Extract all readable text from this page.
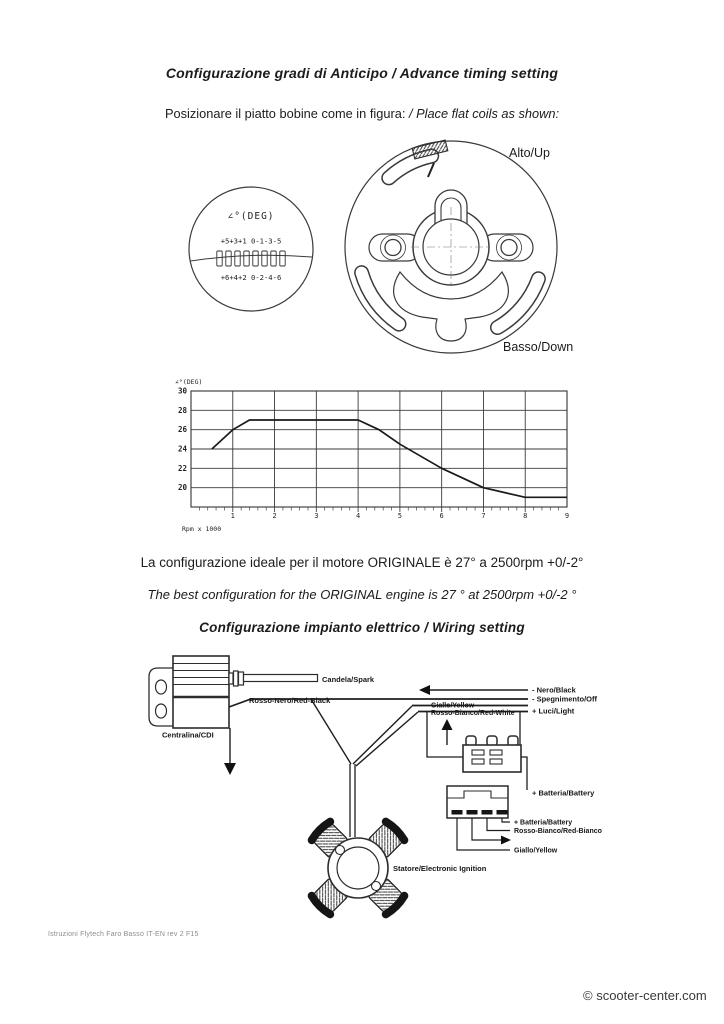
Configurazione gradi di Anticipo / Advance timing setting
Posizionare il piatto bobine come in figura: / Place flat coils as shown:
∠°(DEG)
+5+3+1 0-1-3-5
+6+4+2 0-2-4-6
Alto/Up
Basso/Down
Centralina/CDI
Candela/Spark
Rosso-Nero/Red-Black
- Nero/Black
- Spegnimento/Off
Giallo/Yellow
Rosso-Bianco/Red-White + Luci/Light
+ Batteria/Battery
+ Batteria/Battery
Rosso-Bianco/Red-Bianco
Giallo/Yellow
Statore/Electronic Ignition
20
22
24
26
28
30
1	2	3	4	5	6	7	8	9
∠°(DEG)
Rpm x 1000
La configurazione ideale per il motore ORIGINALE è 27° a 2500rpm +0/-2°
The best configuration for the ORIGINAL engine is 27 ° at 2500rpm +0/-2 °
Configurazione impianto elettrico / Wiring setting
Istruzioni Flytech Faro Basso IT-EN rev 2 F15
© scooter-center.com
